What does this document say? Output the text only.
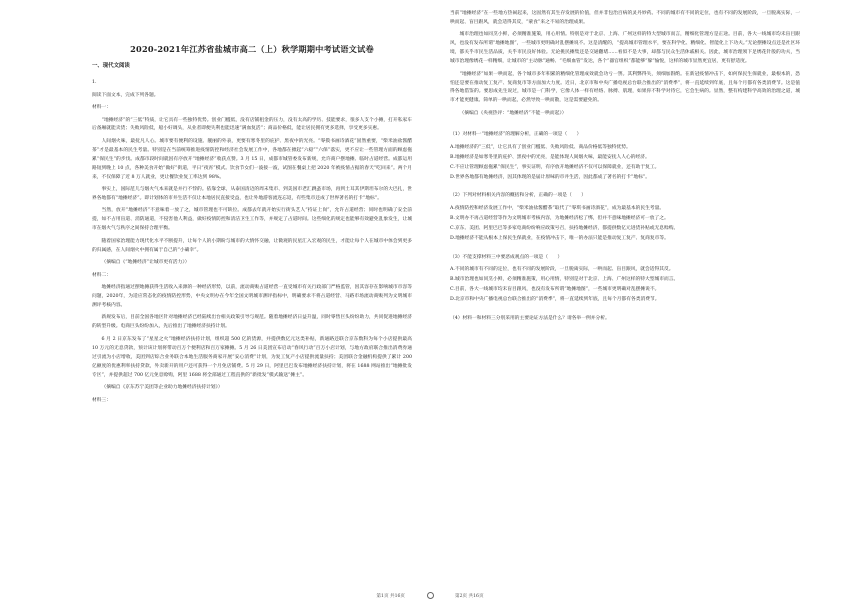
2020-2021年江苏省盐城市高二（上）秋学期期中考试语文试卷
一、现代文阅读

1.

阅读下面文本，完成下列各题。

材料一：

“地摊经济”的“三低”特质，让它具有一些独特优势。创业门槛低，没有店铺租金的压力，没有太高的学历、技能要求，很多人支个小摊，打开私家车后备厢就能卖货；失败风险低，船小好调头，从业者即便失利也能迅速“满血复活”；商品价格低，能让居民拥有更多选择，享受更多实惠。

人间烟火味，最抚凡人心。城市要有便利的设施、靓丽的外表，更要有寒冬里的庇护、黑夜中的光亮。“零摸书画诗酒花”固然重要，“柴米油盐酱醋茶”才是最基本的民生考量。特别是在当前统筹推进疫情防控和经济社会发展工作中，各地都在掀起“六稳”“六保”落实，更不应让一些管理方面的顾虑拖累“保民生”的步伐。成都市段时间就因有序放开“地摊经济”收获点赞。3 月 15 日，成都市城管委发布新规，允许商户摆地摊、临时占道经营。成都运用路短到晚上 10 点，各种美食开始“做好”街道，平日“夜宵”模式。饮食节女们一波接一波，试图在餐桌上把 2020 年被疫情占据的春天“吃回来”。两个月来，不仅保障了近 8 万人就业，更让餐饮业复工率达到 98%。

事实上，国际范儿与烟火气本来就是并行不悖的。依靠全球，从泰国清迈的周末集市、到美国市老汇跳蚤市场，再到土耳其伊斯坦布尔的大巴扎，世界各地都有“地摊经济”。即计划体的市井生活不仅让本地居民直接受益，也让外地游客流连忘返，有些集市还成了世界著名的打卡“地标”。

当然，放开“地摊经济”不意味着一放了之，城市管理也不可缺位。成都去年就开始实行街头艺人“持证上岗”，允许占道经营；同时也明确了安全前提，如不占用盲道、消防通道，不侵害他人利益，做好疫情防控和清洁卫生工作等，并规定了占道时间。这些细化的规定也能够有效避免乱象发生，让城市在烟火气与秩序之间保持合理平衡。

随着国家治理能力现代化水平不断提升，让每个人的小期盼与城市的大情怀交融，让微观的民星汇入宏观的民生，才能让每个人在城市中体会到更多的归属感，在人间烟火中拥有属于自己的“小确幸”。

（摘编自《“地摊经济”让城市更有活力》）

材料二：

地摊经济指通过摆地摊获得生活收入来源的一种经济形势，以前，流动商贩占道经营一直受城市有关行政部门严格监管，因其容存在影响城市市容等问题，2020年，为适应常态化的疫情防控形势，中央文明办在今年全国文明城市测评指标中，明确要求不将占道经营、马路市场流动商贩列为文明城市测评考核内容。

新规发布后，目前全国各地区针对地摊经济已经陆续出台相关政策引导与规范。随着地摊经济日益升温，同时零售巨头纷纷助力，共同促进地摊经济的转型升级。电商巨头纷纷加入，先后推出了地摊经济扶持计划。

6 月 2 日京东发布了“星星之火”地摊经济扶持计划，组织超 500 亿的货源，并提供数亿元这类补贴，新通路还联合京东数科为每个小店提供最高 10 万元的无息贷款，预计该计划将带动百万个便利店和百万家摊摊。5 月 26 日美团宣布启动“春风行动”百万小店计划，与地方政府联合推出消费券通过引流为小店增收，美团到店综合业务联合本地生活服务商家开展“安心消费”计划，为复工复产小店提供流量扶持；美团联合金融机构提供了累计 200 亿额度的优惠利率扶持贷款，外卖新开的用户还可获得一个月免店铺费。5 月 29 日，阿里巴巴发布地摊经济扶持计划，将在 1688 网站推出“地摊批发专区”，并提供超过 700 亿元免息赊购，阿里 1688 将全部通过工程直供的“新批发”模式输送“摊主”。

（摘编自《京东苏宁美团等企业助力地摊经济扶持计划》）

材料三：

当前“地摊经济”在一些地方热闹起来，这固然有其生存发展的价值，但并非包治百病的灵丹妙药。不同的城市有不同的定位，也有不同的发展阶段，一旦脱离实际，一哄而起、盲目跟风，就会适得其反，“蒙食”来之不易的治理成果。

城市治理也如同烹小鲜，必须精准施策，用心用情。特别是对于北京、上海、广州这样的特大型城市而言，精细化管理方是正途。目前，各大一线城市均未盲目跟风，也没有发布所谓“地摊地图”，一些城市更明确对乱摆摊说不。这是清醒的，“提高城市管理水平，要在科学化、精细化、智能化上下功夫。”无论摆摊设点还是社区环境，都关乎市民生活品质，关乎市民良好体验。无论挑民摊集还是交通翻堵……看似不是大事，却都与民众生活休戚相关。因此，城市治理须下足绣花针般的功夫，当城市治理像绣花一样精细，让城市的“主动脉”通畅、“毛细血管”发达，各个“器官组织”都能够“躲”愉悦，这样的城市显然更宜居，更有舒适度。

“地摊经济”如果一哄而起，各个城市多年积累的精细化管理成效就会功亏一篑。其利弊得失，须细加斟酌。在新冠疫情冲击下，如何保民生保就业，最根本的，恐怕还是要在推动复工复产、复商复市等方面加大力度。近日，北京市和中央广播电视总台联合推出的“消费季”，将一直延续到年底，且每个月都有各类消费节。这是值得各地借鉴的。要思成先生说过，城市是一门科学，它像人体一样有经络、脉搏、肌理，如果你不科学对待它，它会生病的。显然，整有构建科学高效的治理之道，城市才能更健康。简单的一哄而起，必然导致一哄而散，这是需要避免的。

（摘编自《央视热评：“地摊经济”不能一哄而起》）

（1）对材料一“地摊经济”的理解分析，正确的一项是（　　）

A.地摊经济的“三低”，让它具有了创业门槛低、失败风险低、商品价格低等独特优势。

B.地摊经济是如寒冬里的庇护、黑夜中的光亮，是能体现人间烟火味，最能安抚人人心的经济。

C.不应让管理顾虑拖累“保民生”，事实证明，有序放开地摊经济不仅可以保障就业，还有助于复工。

D.世界各地都有地摊经济，因其体现的是届计原味的市井生活，因此都成了著名的打卡“地标”。

（2）下列对材料相关内容的概括和分析，正确的一项是（　　）

A.疫情防控和经济发展工作中，“柴米油盐酱醋茶”取代了“零琪书画诗酒花”，成为最基本的民生考量。

B.文明办不再占道经营等作为文明城市考核内容，为地摊经济松了绑，但并不意味地摊经济可一放了之。

C.京东、美团、阿里巴巴等多家电商纷纷响应政策号召，扶持地摊经济，都提供数亿元进货补贴或无息赊购。

D.地摊经济不能从根本上保民生保就业，在疫情冲击下，唯一的办法只能是推动复工复产、复商复市等。

（3）不能支撑材料三中要恶成观点的一项是（　　）

A.不同的城市有不同的定位，也有不同的发展阶段，一旦脱离实际，一哄而起、盲目跟风，就会适得其反。

B.城市治理也如同烹小鲜，必须精准施策，用心用情，特别是对于北京、上海、广州这样的特大型城市而言。

C.目前，各大一线城市均未盲目跟风，也没有发布所谓“地摊地图”，一些城市更明确对乱摆摊说不。

D.北京市和中央广播电视总台联合推出的“消费季”，将一直延续到年底，且每个月都有各类消费节。

（4）材料一和材料三分别采用的主要论证方法是什么？请各举一例并分析。

第1页 共16页	第2页 共16页
